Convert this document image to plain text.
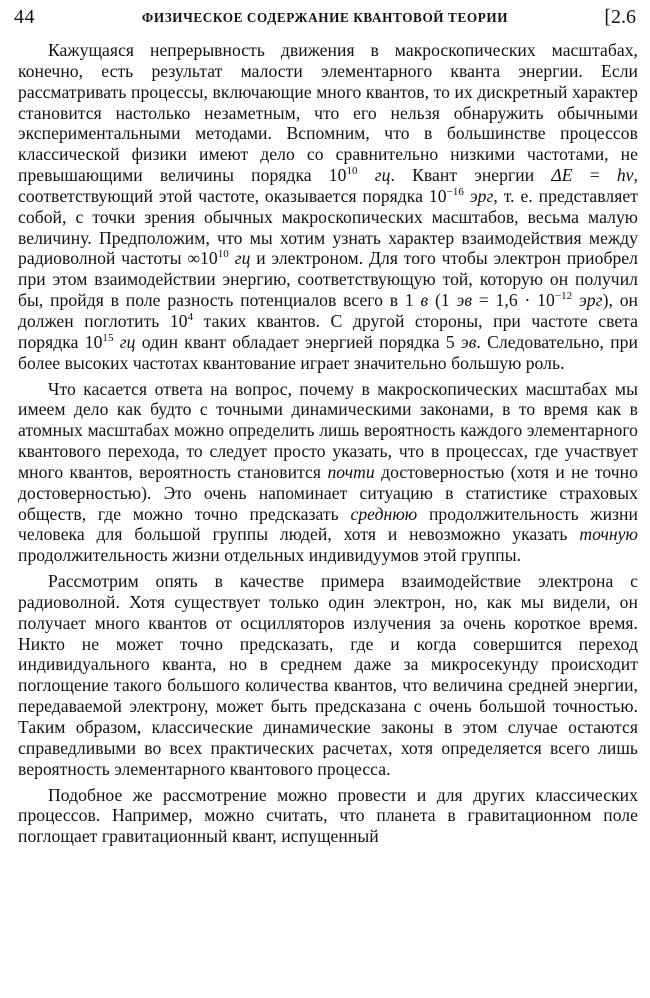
44	ФИЗИЧЕСКОЕ СОДЕРЖАНИЕ КВАНТОВОЙ ТЕОРИИ	[2.6

Кажущаяся непрерывность движения в макроскопических масштабах, конечно, есть результат малости элементарного кванта энергии. Если рассматривать процессы, включающие много квантов, то их дискретный характер становится настолько незаметным, что его нельзя обнаружить обычными экспериментальными методами. Вспомним, что в большинстве процессов классической физики имеют дело со сравнительно низкими частотами, не превышающими величины порядка $10^{10}$ гц. Квант энергии ΔE = hν, соответствующий этой частоте, оказывается порядка $10^{-16}$ эрг, т. е. представляет собой, с точки зрения обычных макроскопических масштабов, весьма малую величину. Предположим, что мы хотим узнать характер взаимодействия между радиоволной частоты $\infty 10^{10}$ гц и электроном. Для того чтобы электрон приобрел при этом взаимодействии энергию, соответствующую той, которую он получил бы, пройдя в поле разность потенциалов всего в 1 в (1 эв = $1,6 \cdot 10^{-12}$ эрг), он должен поглотить $10^4$ таких квантов. С другой стороны, при частоте света порядка $10^{15}$ гц один квант обладает энергией порядка 5 эв. Следовательно, при более высоких частотах квантование играет значительно большую роль.

Что касается ответа на вопрос, почему в макроскопических масштабах мы имеем дело как будто с точными динамическими законами, в то время как в атомных масштабах можно определить лишь вероятность каждого элементарного квантового перехода, то следует просто указать, что в процессах, где участвует много квантов, вероятность становится почти достоверностью (хотя и не точно достоверностью). Это очень напоминает ситуацию в статистике страховых обществ, где можно точно предсказать среднюю продолжительность жизни человека для большой группы людей, хотя и невозможно указать точную продолжительность жизни отдельных индивидуумов этой группы.

Рассмотрим опять в качестве примера взаимодействие электрона с радиоволной. Хотя существует только один электрон, но, как мы видели, он получает много квантов от осцилляторов излучения за очень короткое время. Никто не может точно предсказать, где и когда совершится переход индивидуального кванта, но в среднем даже за микросекунду происходит поглощение такого большого количества квантов, что величина средней энергии, передаваемой электрону, может быть предсказана с очень большой точностью. Таким образом, классические динамические законы в этом случае остаются справедливыми во всех практических расчетах, хотя определяется всего лишь вероятность элементарного квантового процесса.

Подобное же рассмотрение можно провести и для других классических процессов. Например, можно считать, что планета в гравитационном поле поглощает гравитационный квант, испущенный
